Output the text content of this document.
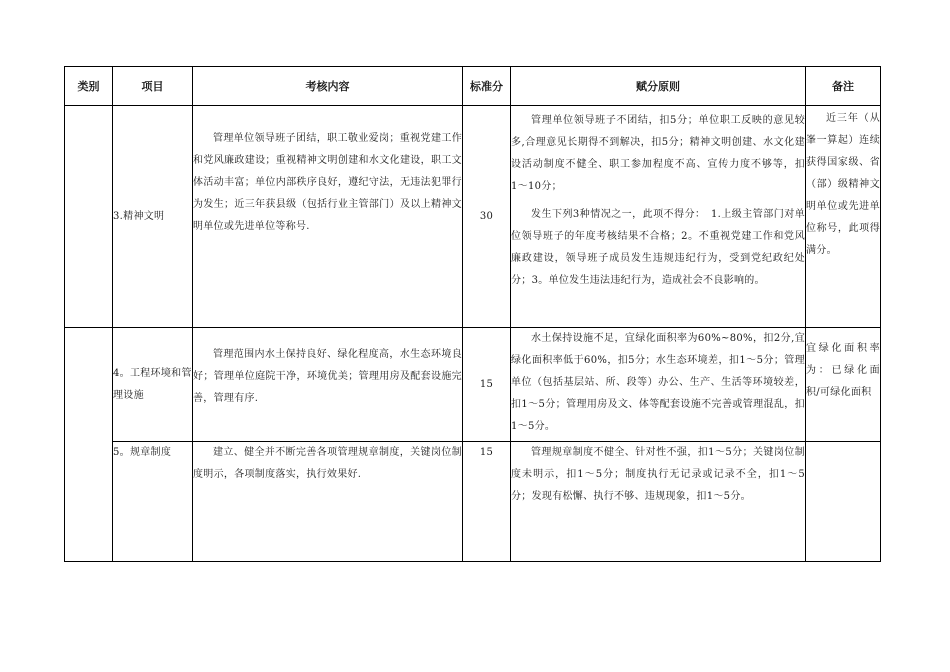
类别	项目	考核内容	标准分	赋分原则	备注
	3.精神文明	管理单位领导班子团结，职工敬业爱岗；重视党建工作和党风廉政建设；重视精神文明创建和水文化建设，职工文体活动丰富；单位内部秩序良好，遵纪守法，无违法犯罪行为发生；近三年获县级（包括行业主管部门）及以上精神文明单位或先进单位等称号.	30	管理单位领导班子不团结，扣5分；单位职工反映的意见较多,合理意见长期得不到解决，扣5分；精神文明创建、水文化建设活动制度不健全、职工参加程度不高、宣传力度不够等，扣1〜10分；

发生下列3种情况之一，此项不得分：　1.上级主管部门对单位领导班子的年度考核结果不合格；2。不重视党建工作和党风廉政建设，领导班子成员发生违规违纪行为，受到党纪政纪处分；3。单位发生违法违纪行为，造成社会不良影响的。	近三年（从峯一算起）连续获得国家级、省（部）级精神文明单位或先进单位称号，此项得满分。

	4。工程环境和管理设施	管理范围内水土保持良好、绿化程度高，水生态环境良好；管理单位庭院干净，环境优美；管理用房及配套设施完善，管理有序.	15	水土保持设施不足，宜绿化面积率为60%~80%，扣2分,宜绿化面积率低于60%，扣5分；水生态环境差，扣1〜5分；管理单位（包括基层站、所、段等）办公、生产、生活等环境较差，扣1〜5分；管理用房及文、体等配套设施不完善或管理混乱，扣1〜5分。	宜绿化面积率为：已绿化面积/可绿化面积

	5。规章制度	建立、健全并不断完善各项管理规章制度，关键岗位制度明示，各项制度落实，执行效果好.	15	管理规章制度不健全、针对性不强，扣1〜5分；关键岗位制度未明示，扣1〜5分；制度执行无记录或记录不全，扣1〜5分；发现有松懈、执行不够、违规现象，扣1〜5分。	
